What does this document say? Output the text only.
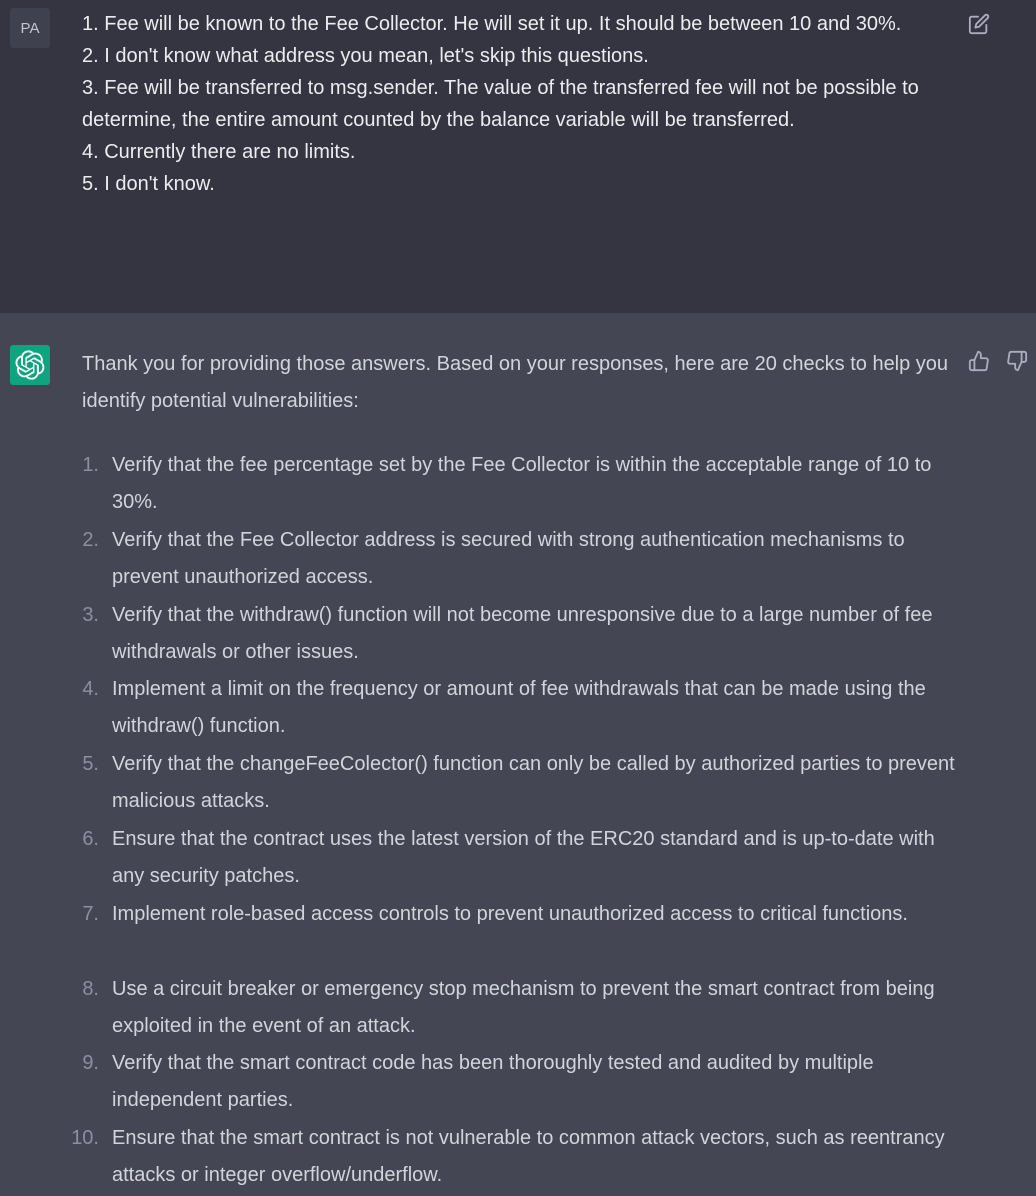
PA 1. Fee will be known to the Fee Collector. He will set it up. It should be between 10 and 30%.
2. I don't know what address you mean, let's skip this questions.
3. Fee will be transferred to msg.sender. The value of the transferred fee will not be possible to determine, the entire amount counted by the balance variable will be transferred.
4. Currently there are no limits.
5. I don't know.
Thank you for providing those answers. Based on your responses, here are 20 checks to help you identify potential vulnerabilities:
1. Verify that the fee percentage set by the Fee Collector is within the acceptable range of 10 to 30%.
2. Verify that the Fee Collector address is secured with strong authentication mechanisms to prevent unauthorized access.
3. Verify that the withdraw() function will not become unresponsive due to a large number of fee withdrawals or other issues.
4. Implement a limit on the frequency or amount of fee withdrawals that can be made using the withdraw() function.
5. Verify that the changeFeeColector() function can only be called by authorized parties to prevent malicious attacks.
6. Ensure that the contract uses the latest version of the ERC20 standard and is up-to-date with any security patches.
7. Implement role-based access controls to prevent unauthorized access to critical functions.
8. Use a circuit breaker or emergency stop mechanism to prevent the smart contract from being exploited in the event of an attack.
9. Verify that the smart contract code has been thoroughly tested and audited by multiple independent parties.
10. Ensure that the smart contract is not vulnerable to common attack vectors, such as reentrancy attacks or integer overflow/underflow.
